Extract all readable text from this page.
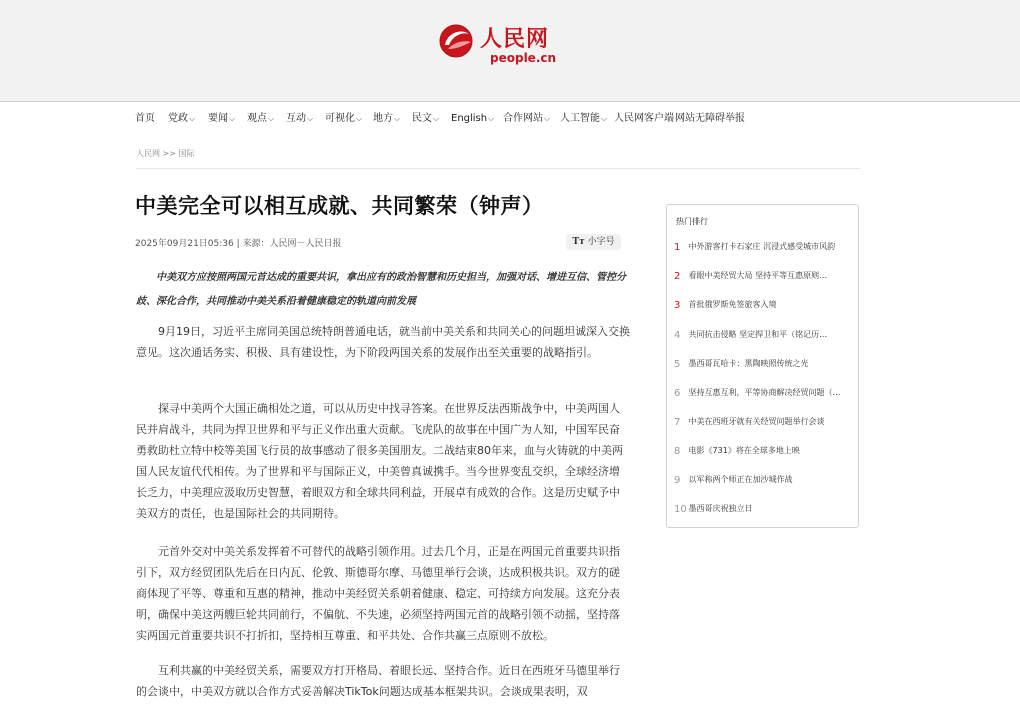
人民网
people.cn
首页 党政⌵ 要闻⌵ 观点⌵ 互动⌵ 可视化⌵ 地方⌵ 民文⌵ English⌵ 合作网站⌵ 人工智能⌵ 人民网客户端 网站无障碍 举报
人民网 >> 国际
中美完全可以相互成就、共同繁荣（钟声）
2025年09月21日05:36 | 来源：人民网－人民日报	Tт 小字号

中美双方应按照两国元首达成的重要共识，拿出应有的政治智慧和历史担当，加强对话、增进互信、管控分歧、深化合作，共同推动中美关系沿着健康稳定的轨道向前发展

9月19日，习近平主席同美国总统特朗普通电话，就当前中美关系和共同关心的问题坦诚深入交换意见。这次通话务实、积极、具有建设性，为下阶段两国关系的发展作出至关重要的战略指引。

探寻中美两个大国正确相处之道，可以从历史中找寻答案。在世界反法西斯战争中，中美两国人民并肩战斗，共同为捍卫世界和平与正义作出重大贡献。飞虎队的故事在中国广为人知，中国军民奋勇救助杜立特中校等美国飞行员的故事感动了很多美国朋友。二战结束80年来，血与火铸就的中美两国人民友谊代代相传。为了世界和平与国际正义，中美曾真诚携手。当今世界变乱交织，全球经济增长乏力，中美理应汲取历史智慧，着眼双方和全球共同利益，开展卓有成效的合作。这是历史赋予中美双方的责任，也是国际社会的共同期待。

元首外交对中美关系发挥着不可替代的战略引领作用。过去几个月，正是在两国元首重要共识指引下，双方经贸团队先后在日内瓦、伦敦、斯德哥尔摩、马德里举行会谈，达成积极共识。双方的磋商体现了平等、尊重和互惠的精神，推动中美经贸关系朝着健康、稳定、可持续方向发展。这充分表明，确保中美这两艘巨轮共同前行，不偏航、不失速，必须坚持两国元首的战略引领不动摇，坚持落实两国元首重要共识不打折扣，坚持相互尊重、和平共处、合作共赢三点原则不放松。

互利共赢的中美经贸关系，需要双方打开格局、着眼长远、坚持合作。近日在西班牙马德里举行的会谈中，中美双方就以合作方式妥善解决TikTok问题达成基本框架共识。会谈成果表明，双

热门排行
1 中外游客打卡石家庄 沉浸式感受城市风韵
2 看眼中美经贸大局 坚持平等互惠原则…
3 首批俄罗斯免签旅客入境
4 共同抗击侵略 坚定捍卫和平（铭记历…
5 墨西哥瓦哈卡：黑陶映照传统之光
6 坚持互惠互利，平等协商解决经贸问题（…
7 中美在西班牙就有关经贸问题举行会谈
8 电影《731》将在全球多地上映
9 以军称两个师正在加沙城作战
10 墨西哥庆祝独立日
